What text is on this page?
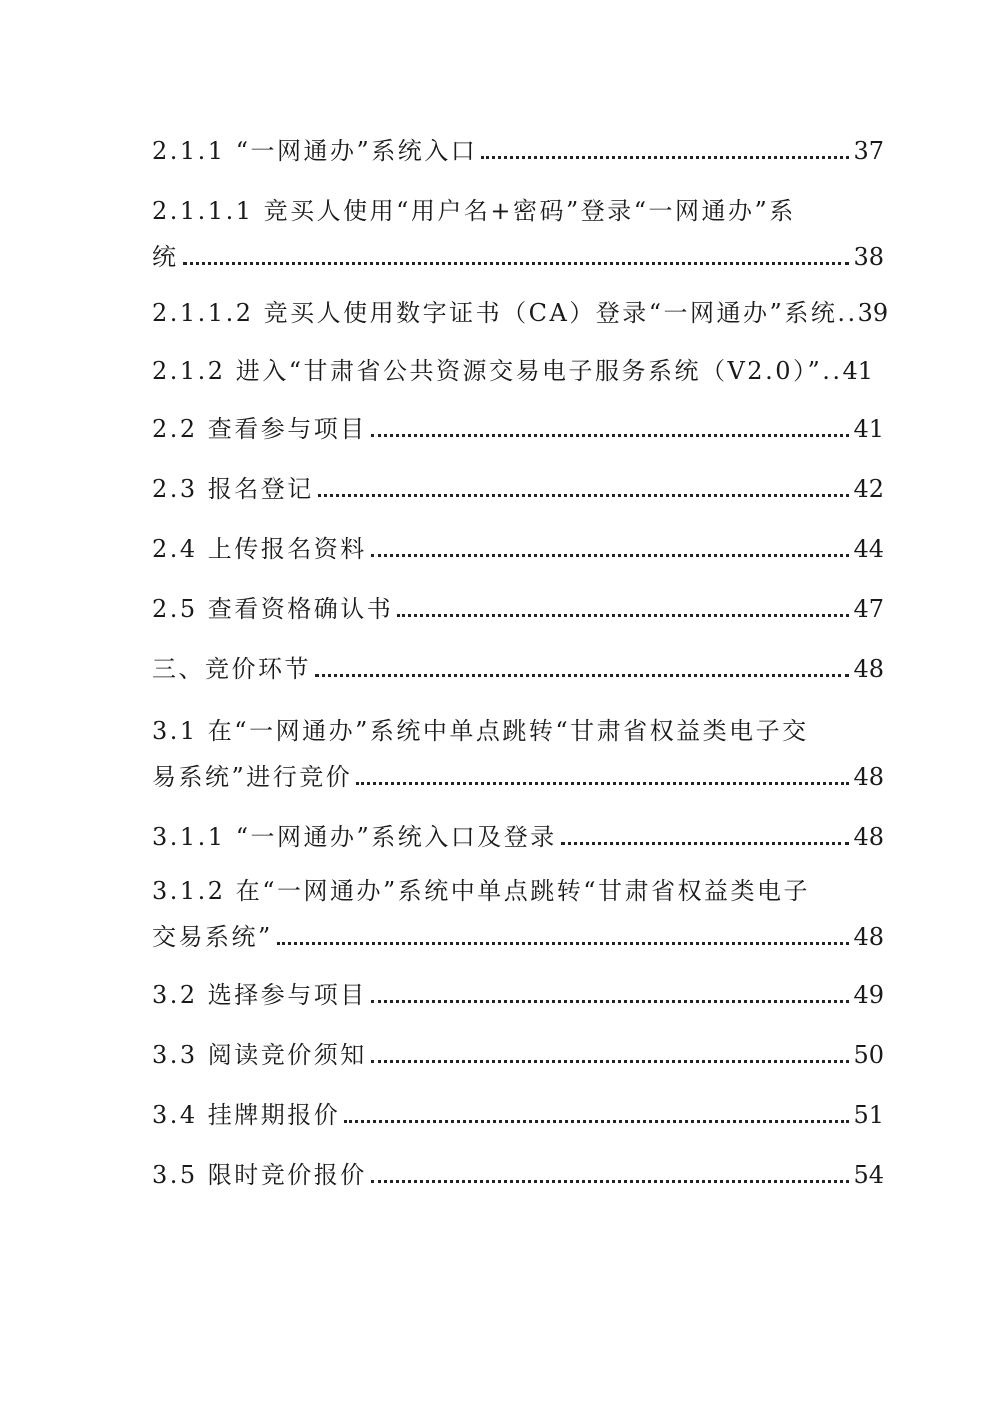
2.1.1 “一网通办”系统入口	37
2.1.1.1 竞买人使用“用户名+密码”登录“一网通办”系
统	38
2.1.1.2 竞买人使用数字证书（CA）登录“一网通办”系统.. 39
2.1.2 进入“甘肃省公共资源交易电子服务系统（V2.0）”.. 41
2.2 查看参与项目	41
2.3 报名登记	42
2.4 上传报名资料	44
2.5 查看资格确认书	47
三、竞价环节	48
3.1 在“一网通办”系统中单点跳转“甘肃省权益类电子交
易系统”进行竞价	48
3.1.1 “一网通办”系统入口及登录	48
3.1.2 在“一网通办”系统中单点跳转“甘肃省权益类电子
交易系统”	48
3.2 选择参与项目	49
3.3 阅读竞价须知	50
3.4 挂牌期报价	51
3.5 限时竞价报价	54
